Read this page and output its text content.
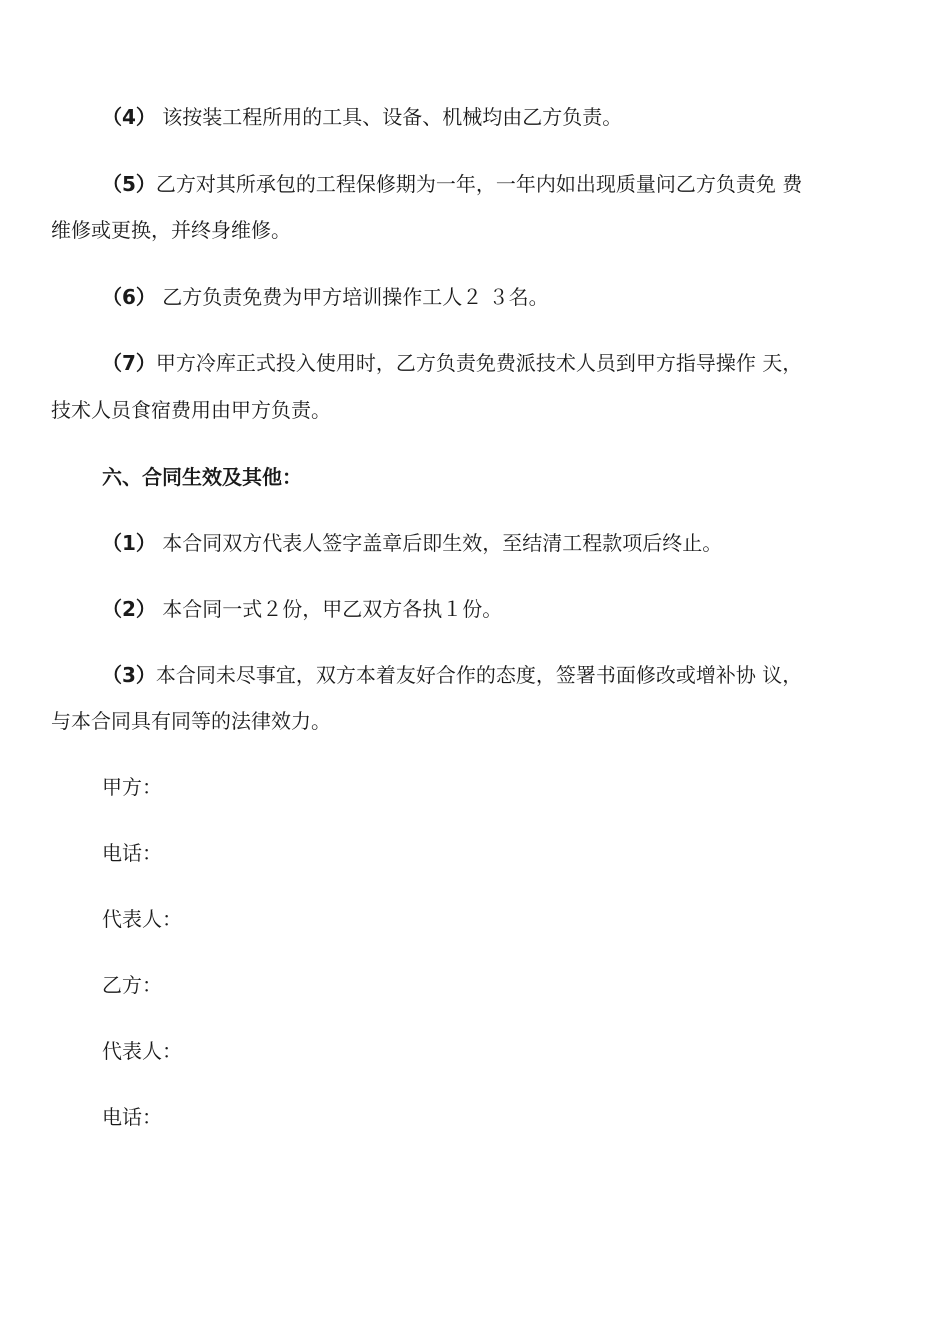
（4） 该按装工程所用的工具、设备、机械均由乙方负责。
（5）乙方对其所承包的工程保修期为一年，一年内如出现质量问乙方负责免 费
维修或更换，并终身维修。
（6） 乙方负责免费为甲方培训操作工人２ ３名。
（7）甲方冷库正式投入使用时，乙方负责免费派技术人员到甲方指导操作 天，
技术人员食宿费用由甲方负责。
六、合同生效及其他：
（1） 本合同双方代表人签字盖章后即生效，至结清工程款项后终止。
（2） 本合同一式２份，甲乙双方各执１份。
（3）本合同未尽事宜，双方本着友好合作的态度，签署书面修改或增补协 议，
与本合同具有同等的法律效力。
甲方：
电话：
代表人：
乙方：
代表人：
电话：
